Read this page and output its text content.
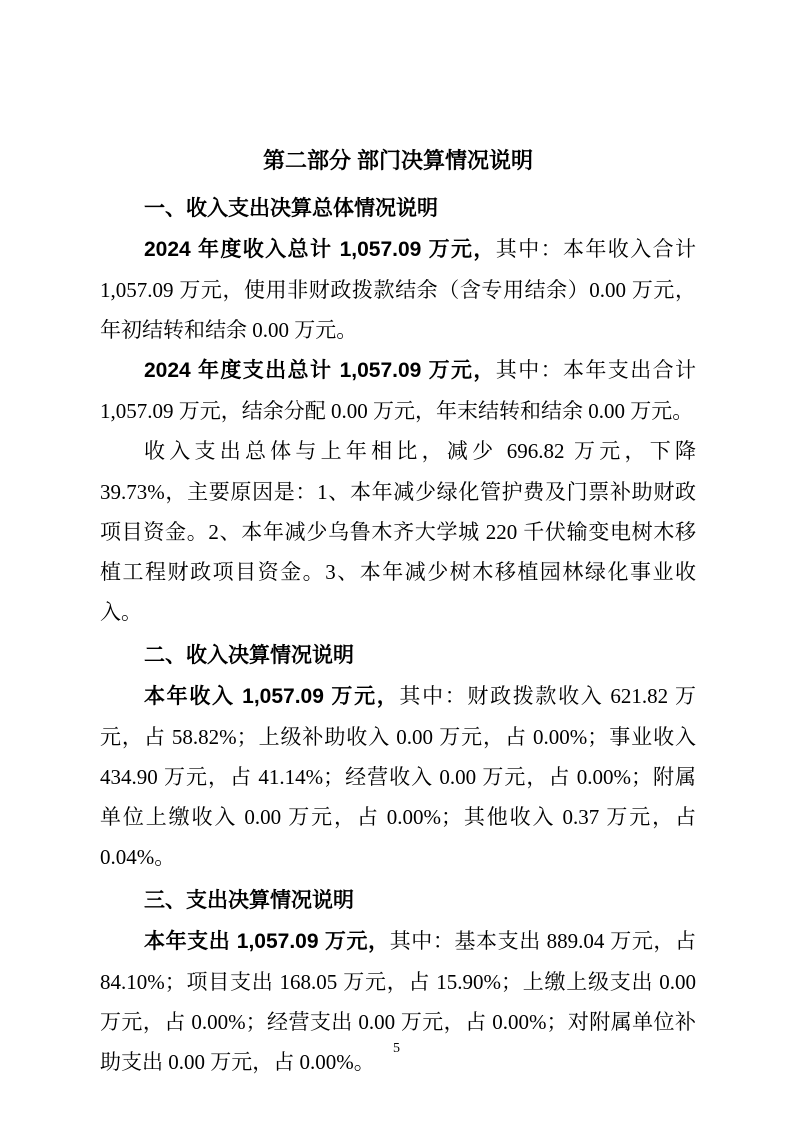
第二部分 部门决算情况说明
一、收入支出决算总体情况说明

2024 年度收入总计 1,057.09 万元，其中：本年收入合计 1,057.09 万元，使用非财政拨款结余（含专用结余）0.00 万元，年初结转和结余 0.00 万元。

2024 年度支出总计 1,057.09 万元，其中：本年支出合计 1,057.09 万元，结余分配 0.00 万元，年末结转和结余 0.00 万元。

收入支出总体与上年相比，减少 696.82 万元，下降 39.73%，主要原因是：1、本年减少绿化管护费及门票补助财政项目资金。2、本年减少乌鲁木齐大学城 220 千伏输变电树木移植工程财政项目资金。3、本年减少树木移植园林绿化事业收入。

二、收入决算情况说明

本年收入 1,057.09 万元，其中：财政拨款收入 621.82 万元，占 58.82%；上级补助收入 0.00 万元，占 0.00%；事业收入 434.90 万元，占 41.14%；经营收入 0.00 万元，占 0.00%；附属单位上缴收入 0.00 万元，占 0.00%；其他收入 0.37 万元，占 0.04%。

三、支出决算情况说明

本年支出 1,057.09 万元，其中：基本支出 889.04 万元，占 84.10%；项目支出 168.05 万元，占 15.90%；上缴上级支出 0.00 万元，占 0.00%；经营支出 0.00 万元，占 0.00%；对附属单位补助支出 0.00 万元，占 0.00%。

5
